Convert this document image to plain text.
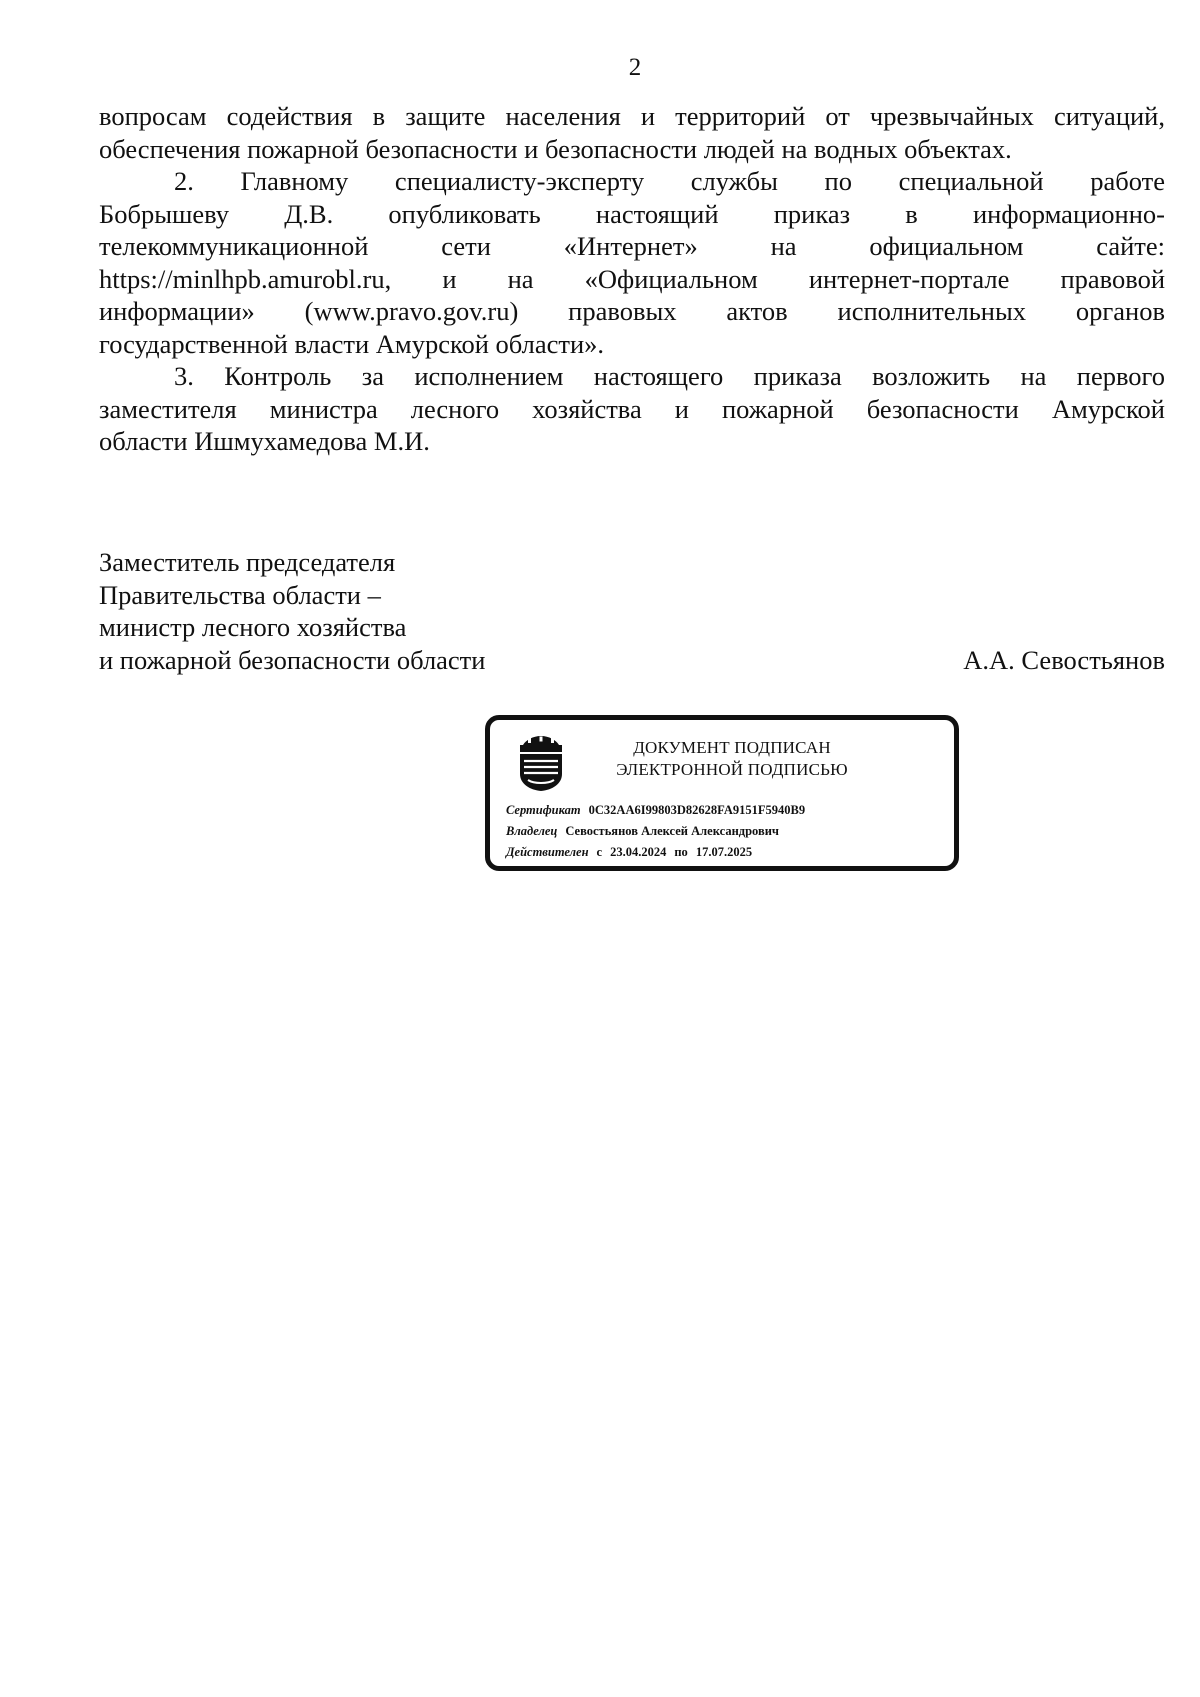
2

вопросам содействия в защите населения и территорий от чрезвычайных ситуаций,

обеспечения пожарной безопасности и безопасности людей на водных объектах.

2. Главному специалисту-эксперту службы по специальной работе

Бобрышеву Д.В. опубликовать настоящий приказ в информационно-

телекоммуникационной сети «Интернет» на официальном сайте:

https://minlhpb.amurobl.ru, и на «Официальном интернет-портале правовой

информации» (www.pravo.gov.ru) правовых актов исполнительных органов

государственной власти Амурской области».

3. Контроль за исполнением настоящего приказа возложить на первого

заместителя министра лесного хозяйства и пожарной безопасности Амурской

области Ишмухамедова М.И.

Заместитель председателя
Правительства области –
министр лесного хозяйства
и пожарной безопасности области	А.А. Севостьянов
ДОКУМЕНТ ПОДПИСАН
ЭЛЕКТРОННОЙ ПОДПИСЬЮ
Сертификат 0C32AA6I99803D82628FA9151F5940B9
Владелец Севостьянов Алексей Александрович
Действителен с 23.04.2024 по 17.07.2025
